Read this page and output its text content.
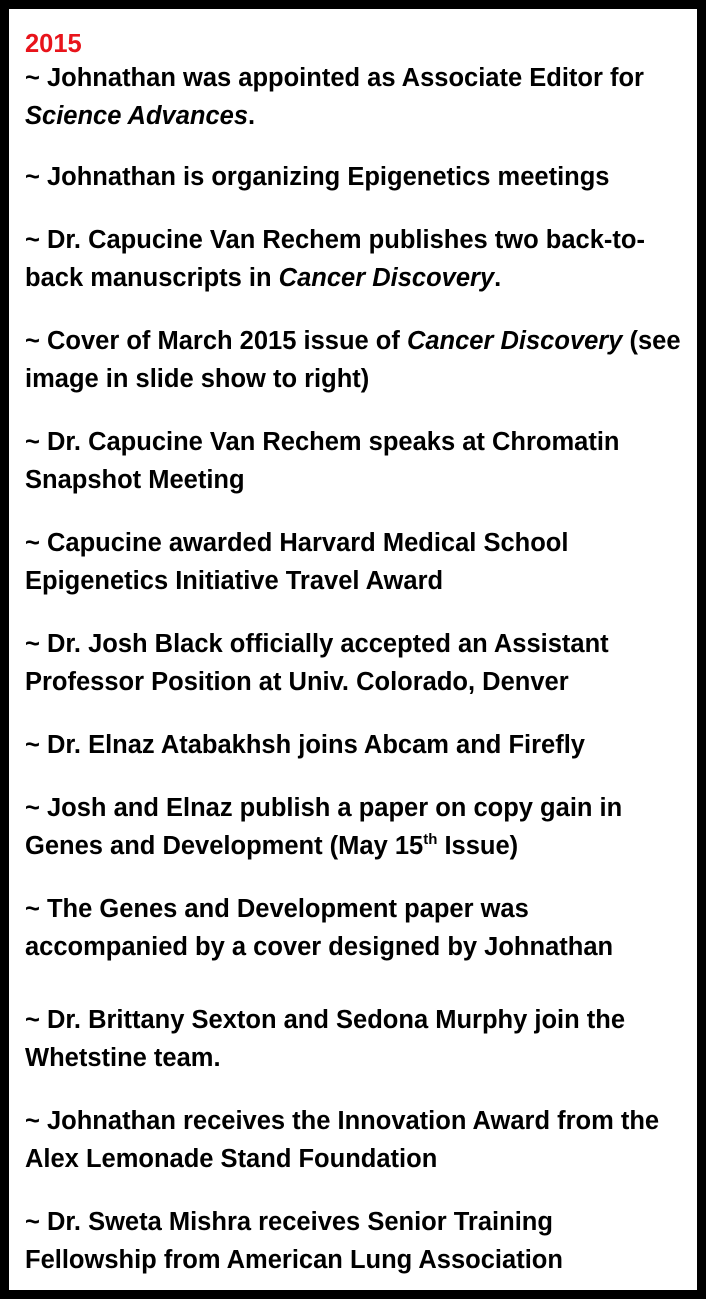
2015

~ Johnathan was appointed as Associate Editor for Science Advances.

~ Johnathan is organizing Epigenetics meetings

~ Dr. Capucine Van Rechem publishes two back-to-back manuscripts in Cancer Discovery.

~ Cover of March 2015 issue of Cancer Discovery (see image in slide show to right)

~ Dr. Capucine Van Rechem speaks at Chromatin Snapshot Meeting

~ Capucine awarded Harvard Medical School Epigenetics Initiative Travel Award

~ Dr. Josh Black officially accepted an Assistant Professor Position at Univ. Colorado, Denver

~ Dr. Elnaz Atabakhsh joins Abcam and Firefly

~ Josh and Elnaz publish a paper on copy gain in Genes and Development (May 15th Issue)

~ The Genes and Development paper was accompanied by a cover designed by Johnathan

~ Dr. Brittany Sexton and Sedona Murphy join the Whetstine team.

~ Johnathan receives the Innovation Award from the Alex Lemonade Stand Foundation

~ Dr. Sweta Mishra receives Senior Training Fellowship from American Lung Association
